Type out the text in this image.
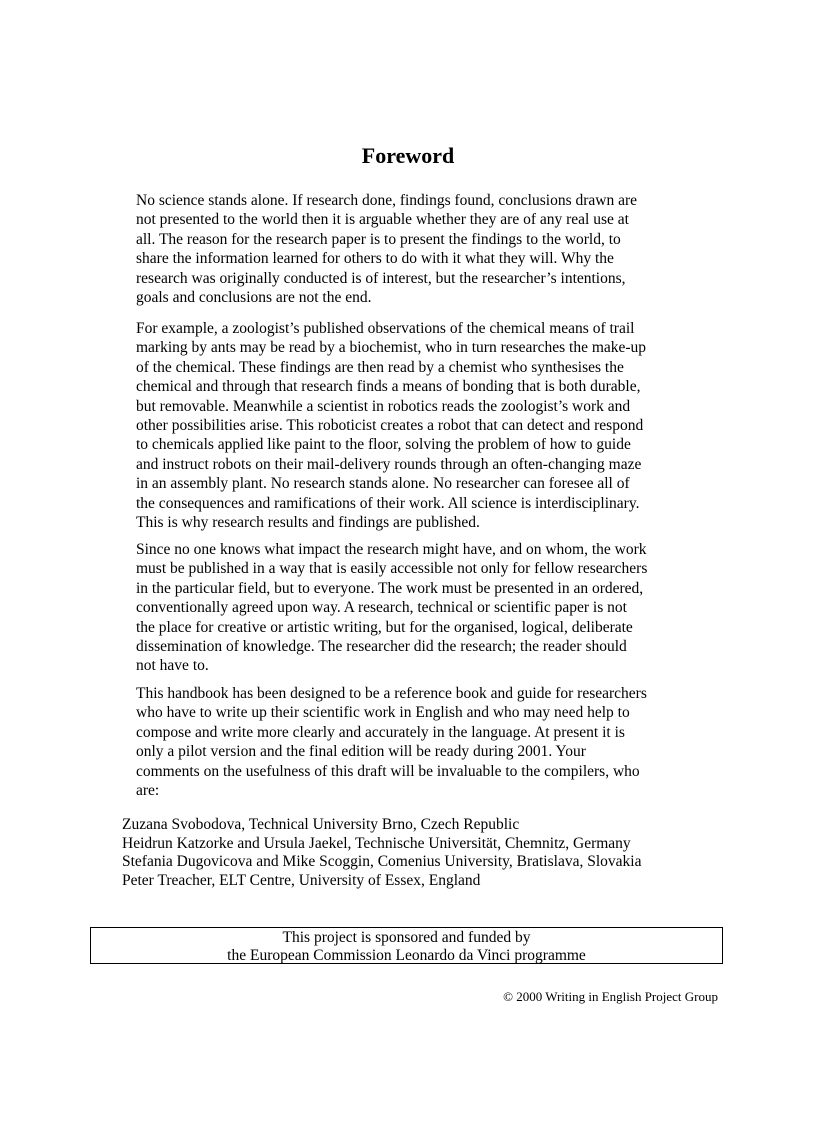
Foreword
No science stands alone. If research done, findings found, conclusions drawn are
not presented to the world then it is arguable whether they are of any real use at
all. The reason for the research paper is to present the findings to the world, to
share the information learned for others to do with it what they will. Why the
research was originally conducted is of interest, but the researcher’s intentions,
goals and conclusions are not the end.
For example, a zoologist’s published observations of the chemical means of trail
marking by ants may be read by a biochemist, who in turn researches the make-up
of the chemical. These findings are then read by a chemist who synthesises the
chemical and through that research finds a means of bonding that is both durable,
but removable. Meanwhile a scientist in robotics reads the zoologist’s work and
other possibilities arise. This roboticist creates a robot that can detect and respond
to chemicals applied like paint to the floor, solving the problem of how to guide
and instruct robots on their mail-delivery rounds through an often-changing maze
in an assembly plant. No research stands alone. No researcher can foresee all of
the consequences and ramifications of their work. All science is interdisciplinary.
This is why research results and findings are published.
Since no one knows what impact the research might have, and on whom, the work
must be published in a way that is easily accessible not only for fellow researchers
in the particular field, but to everyone. The work must be presented in an ordered,
conventionally agreed upon way. A research, technical or scientific paper is not
the place for creative or artistic writing, but for the organised, logical, deliberate
dissemination of knowledge. The researcher did the research; the reader should
not have to.
This handbook has been designed to be a reference book and guide for researchers
who have to write up their scientific work in English and who may need help to
compose and write more clearly and accurately in the language. At present it is
only a pilot version and the final edition will be ready during 2001. Your
comments on the usefulness of this draft will be invaluable to the compilers, who
are:
Zuzana Svobodova, Technical University Brno, Czech Republic
Heidrun Katzorke and Ursula Jaekel, Technische Universität, Chemnitz, Germany
Stefania Dugovicova and Mike Scoggin, Comenius University, Bratislava, Slovakia
Peter Treacher, ELT Centre, University of Essex, England
This project is sponsored and funded by
the European Commission Leonardo da Vinci programme
© 2000 Writing in English Project Group
